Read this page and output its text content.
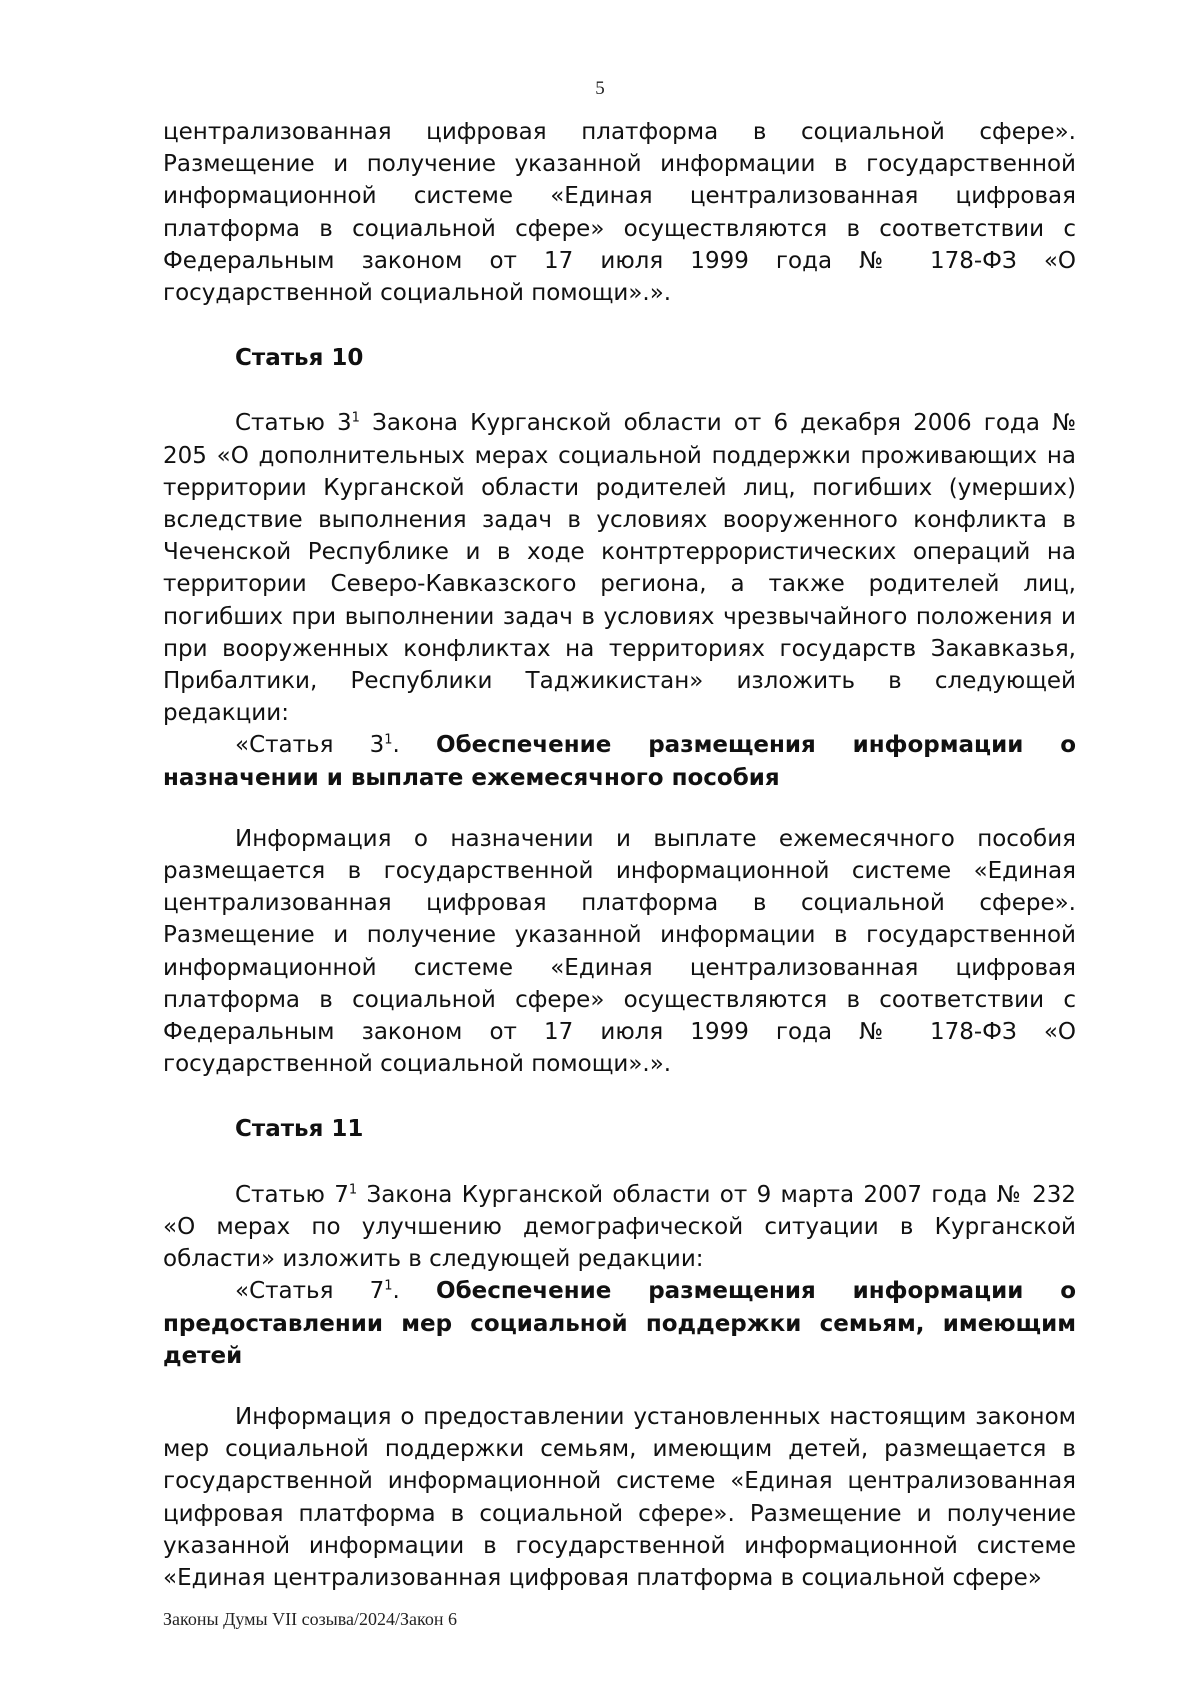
5

централизованная цифровая платформа в социальной сфере». Размещение и получение указанной информации в государственной информационной системе «Единая централизованная цифровая платформа в социальной сфере» осуществляются в соответствии с Федеральным законом от 17 июля 1999 года № 178-ФЗ «О государственной социальной помощи».».

Статья 10

Статью $3^1$ Закона Курганской области от 6 декабря 2006 года № 205 «О дополнительных мерах социальной поддержки проживающих на территории Курганской области родителей лиц, погибших (умерших) вследствие выполнения задач в условиях вооруженного конфликта в Чеченской Республике и в ходе контртеррористических операций на территории Северо-Кавказского региона, а также родителей лиц, погибших при выполнении задач в условиях чрезвычайного положения и при вооруженных конфликтах на территориях государств Закавказья, Прибалтики, Республики Таджикистан» изложить в следующей редакции:

«Статья $3^1$. Обеспечение размещения информации о назначении и выплате ежемесячного пособия

Информация о назначении и выплате ежемесячного пособия размещается в государственной информационной системе «Единая централизованная цифровая платформа в социальной сфере». Размещение и получение указанной информации в государственной информационной системе «Единая централизованная цифровая платформа в социальной сфере» осуществляются в соответствии с Федеральным законом от 17 июля 1999 года № 178-ФЗ «О государственной социальной помощи».».

Статья 11

Статью $7^1$ Закона Курганской области от 9 марта 2007 года № 232 «О мерах по улучшению демографической ситуации в Курганской области» изложить в следующей редакции:

«Статья $7^1$. Обеспечение размещения информации о предоставлении мер социальной поддержки семьям, имеющим детей

Информация о предоставлении установленных настоящим законом мер социальной поддержки семьям, имеющим детей, размещается в государственной информационной системе «Единая централизованная цифровая платформа в социальной сфере». Размещение и получение указанной информации в государственной информационной системе «Единая централизованная цифровая платформа в социальной сфере»

Законы Думы VII созыва/2024/Закон 6
